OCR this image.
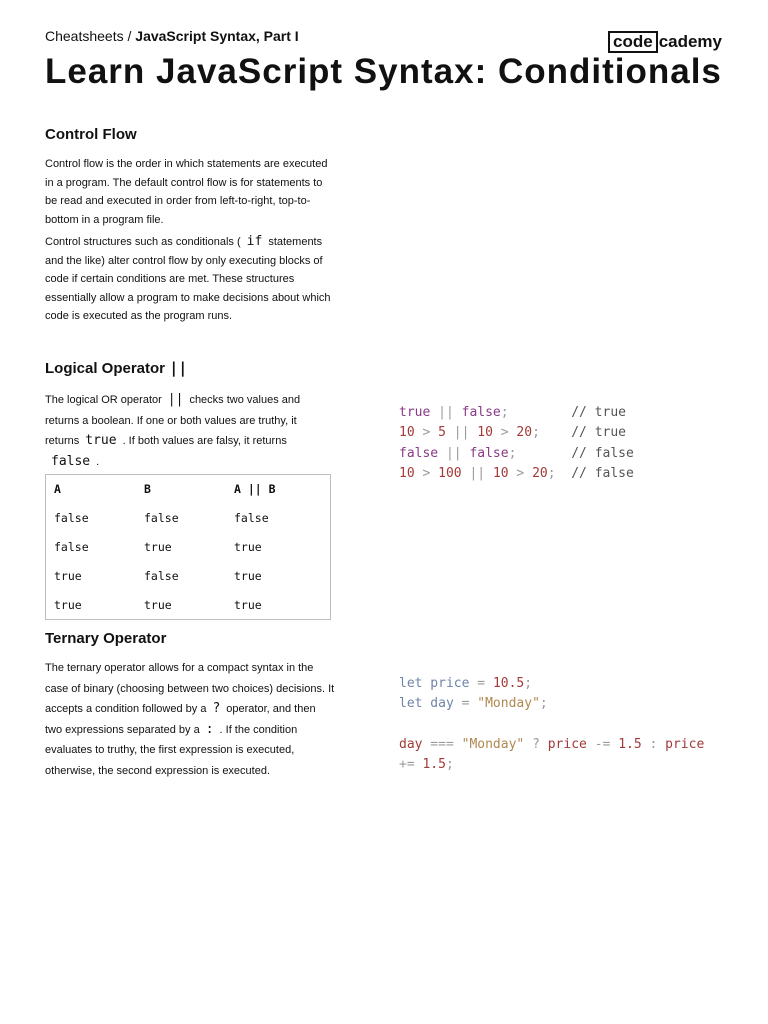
Cheatsheets / JavaScript Syntax, Part I	code cademy
Learn JavaScript Syntax: Conditionals
Control Flow

Control flow is the order in which statements are executed in a program. The default control flow is for statements to be read and executed in order from left-to-right, top-to-bottom in a program file.

Control structures such as conditionals ( if statements and the like) alter control flow by only executing blocks of code if certain conditions are met. These structures essentially allow a program to make decisions about which code is executed as the program runs.

Logical Operator ||

The logical OR operator || checks two values and returns a boolean. If one or both values are truthy, it returns true . If both values are falsy, it returns false .

A	B	A || B
false	false	false
false	true	true
true	false	true
true	true	true
true || false;        // true
10 > 5 || 10 > 20;    // true
false || false;       // false
10 > 100 || 10 > 20;  // false
Ternary Operator

The ternary operator allows for a compact syntax in the case of binary (choosing between two choices) decisions. It accepts a condition followed by a ? operator, and then two expressions separated by a : . If the condition evaluates to truthy, the first expression is executed, otherwise, the second expression is executed.

let price = 10.5;
let day = "Monday";

day === "Monday" ? price -= 1.5 : price
+= 1.5;
